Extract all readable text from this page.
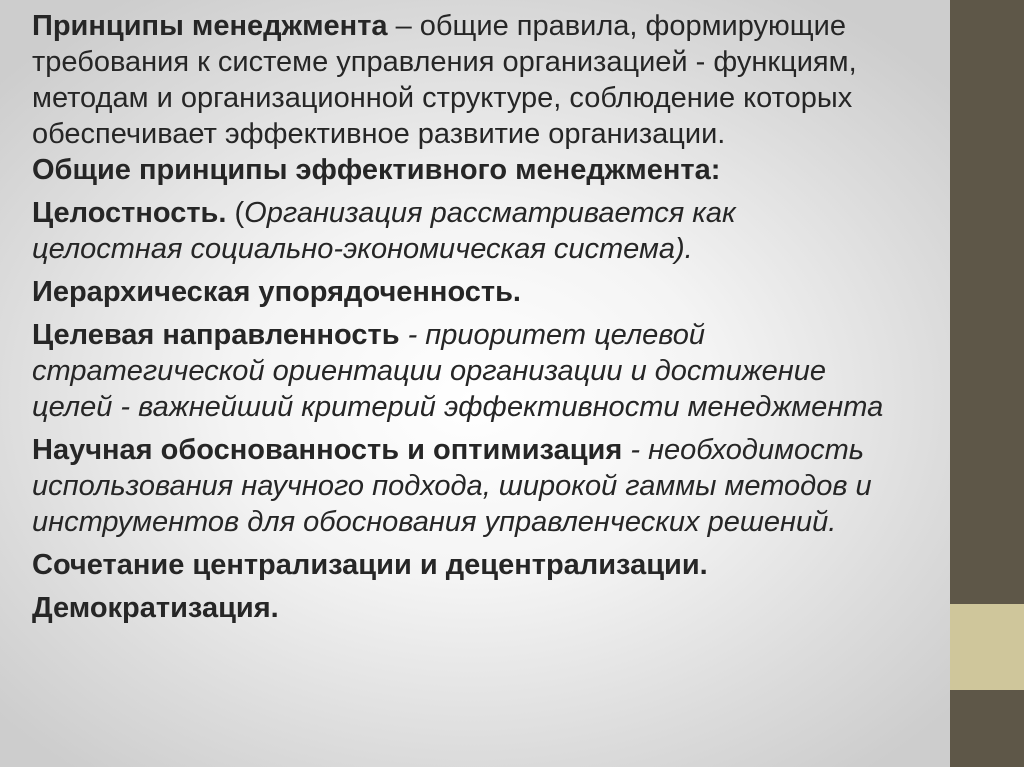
Принципы менеджмента – общие правила, формирующие
требования к системе управления организацией - функциям,
методам и организационной структуре, соблюдение которых
обеспечивает эффективное развитие организации.
Общие принципы эффективного менеджмента:
Целостность. (Организация рассматривается как
целостная социально-экономическая система).
Иерархическая упорядоченность.
Целевая направленность - приоритет целевой
стратегической ориентации организации и достижение
целей - важнейший критерий эффективности менеджмента
Научная обоснованность и оптимизация - необходимость
использования научного подхода, широкой гаммы методов и
инструментов для обоснования управленческих решений.
Сочетание централизации и децентрализации.
Демократизация.
